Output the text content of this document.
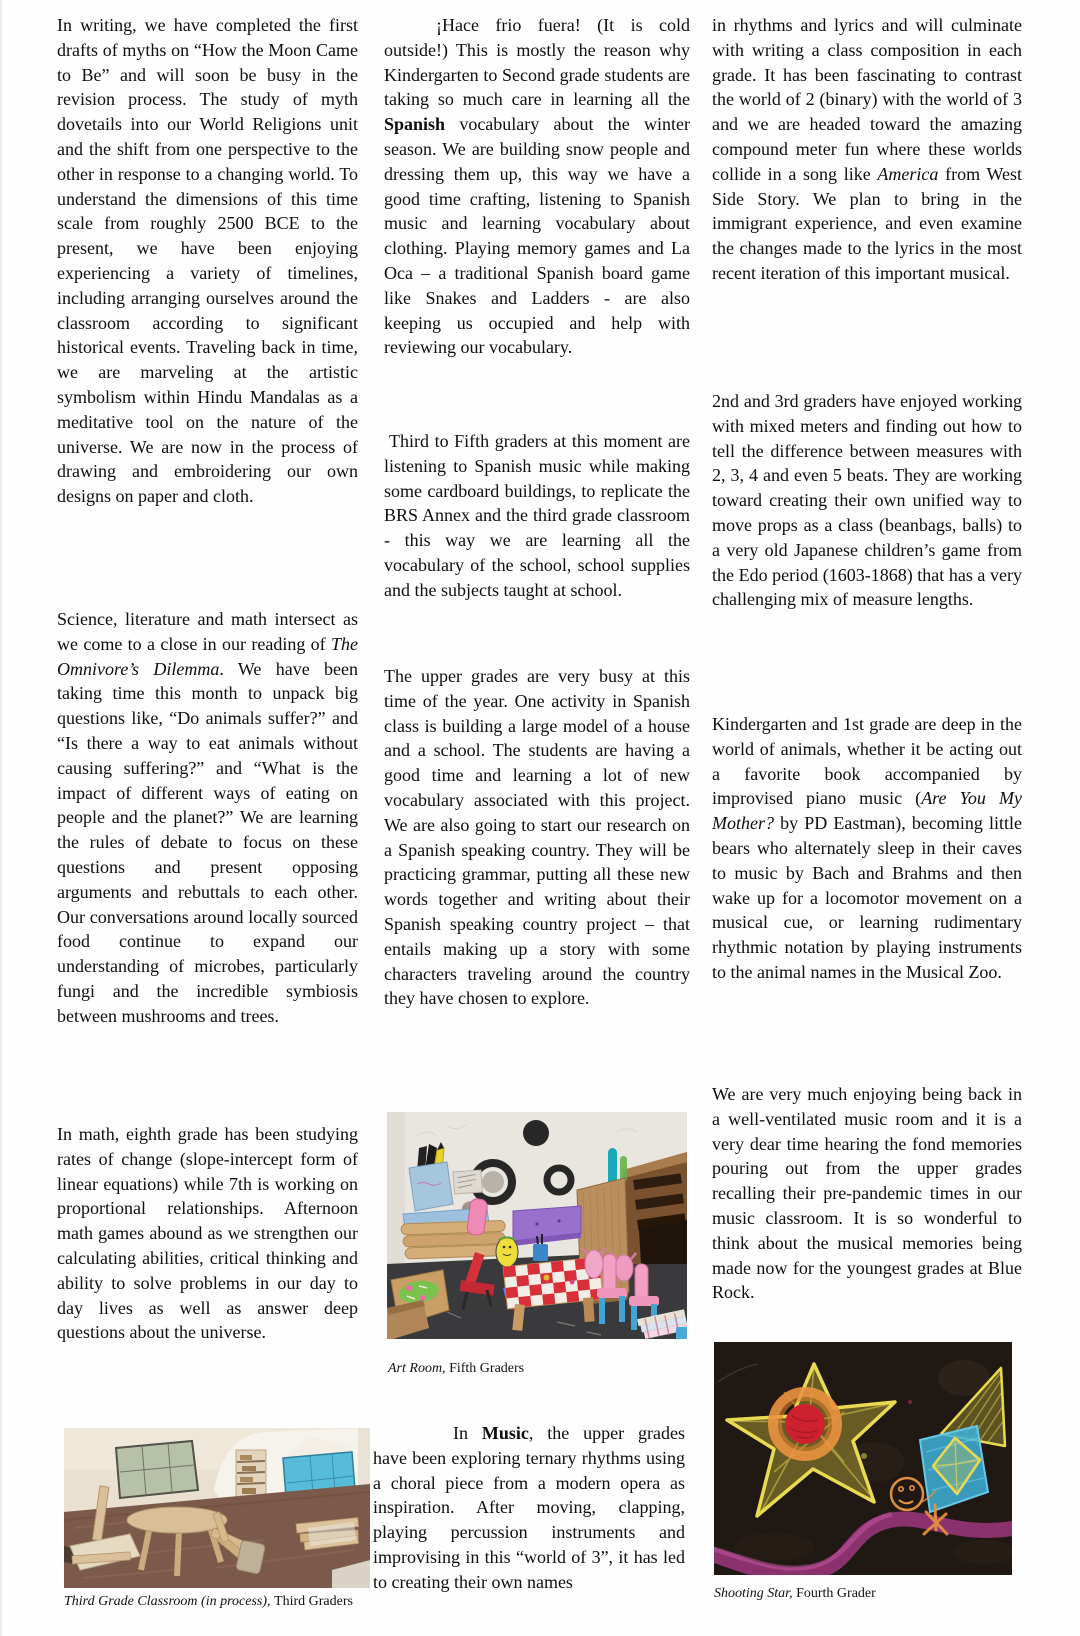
In writing, we have completed the first drafts of myths on “How the Moon Came to Be” and will soon be busy in the revision process. The study of myth dovetails into our World Religions unit and the shift from one perspective to the other in response to a changing world. To understand the dimensions of this time scale from roughly 2500 BCE to the present, we have been enjoying experiencing a variety of timelines, including arranging ourselves around the classroom according to significant historical events. Traveling back in time, we are marveling at the artistic symbolism within Hindu Mandalas as a meditative tool on the nature of the universe. We are now in the process of drawing and embroidering our own designs on paper and cloth.

Science, literature and math intersect as we come to a close in our reading of The Omnivore’s Dilemma. We have been taking time this month to unpack big questions like, “Do animals suffer?” and “Is there a way to eat animals without causing suffering?” and “What is the impact of different ways of eating on people and the planet?” We are learning the rules of debate to focus on these questions and present opposing arguments and rebuttals to each other. Our conversations around locally sourced food continue to expand our understanding of microbes, particularly fungi and the incredible symbiosis between mushrooms and trees.

In math, eighth grade has been studying rates of change (slope-intercept form of linear equations) while 7th is working on proportional relationships. Afternoon math games abound as we strengthen our calculating abilities, critical thinking and ability to solve problems in our day to day lives as well as answer deep questions about the universe.

Third Grade Classroom (in process), Third Graders

¡Hace frio fuera! (It is cold outside!) This is mostly the reason why Kindergarten to Second grade students are taking so much care in learning all the Spanish vocabulary about the winter season. We are building snow people and dressing them up, this way we have a good time crafting, listening to Spanish music and learning vocabulary about clothing. Playing memory games and La Oca – a traditional Spanish board game like Snakes and Ladders - are also keeping us occupied and help with reviewing our vocabulary.

Third to Fifth graders at this moment are listening to Spanish music while making some cardboard buildings, to replicate the BRS Annex and the third grade classroom - this way we are learning all the vocabulary of the school, school supplies and the subjects taught at school.

The upper grades are very busy at this time of the year. One activity in Spanish class is building a large model of a house and a school. The students are having a good time and learning a lot of new vocabulary associated with this project. We are also going to start our research on a Spanish speaking country. They will be practicing grammar, putting all these new words together and writing about their Spanish speaking country project – that entails making up a story with some characters traveling around the country they have chosen to explore.

Art Room, Fifth Graders

In Music, the upper grades have been exploring ternary rhythms using a choral piece from a modern opera as inspiration. After moving, clapping, playing percussion instruments and improvising in this “world of 3”, it has led to creating their own names

in rhythms and lyrics and will culminate with writing a class composition in each grade. It has been fascinating to contrast the world of 2 (binary) with the world of 3 and we are headed toward the amazing compound meter fun where these worlds collide in a song like America from West Side Story. We plan to bring in the immigrant experience, and even examine the changes made to the lyrics in the most recent iteration of this important musical.

2nd and 3rd graders have enjoyed working with mixed meters and finding out how to tell the difference between measures with 2, 3, 4 and even 5 beats. They are working toward creating their own unified way to move props as a class (beanbags, balls) to a very old Japanese children’s game from the Edo period (1603-1868) that has a very challenging mix of measure lengths.

Kindergarten and 1st grade are deep in the world of animals, whether it be acting out a favorite book accompanied by improvised piano music (Are You My Mother? by PD Eastman), becoming little bears who alternately sleep in their caves to music by Bach and Brahms and then wake up for a locomotor movement on a musical cue, or learning rudimentary rhythmic notation by playing instruments to the animal names in the Musical Zoo.

We are very much enjoying being back in a well-ventilated music room and it is a very dear time hearing the fond memories pouring out from the upper grades recalling their pre-pandemic times in our music classroom. It is so wonderful to think about the musical memories being made now for the youngest grades at Blue Rock.

Shooting Star, Fourth Grader
